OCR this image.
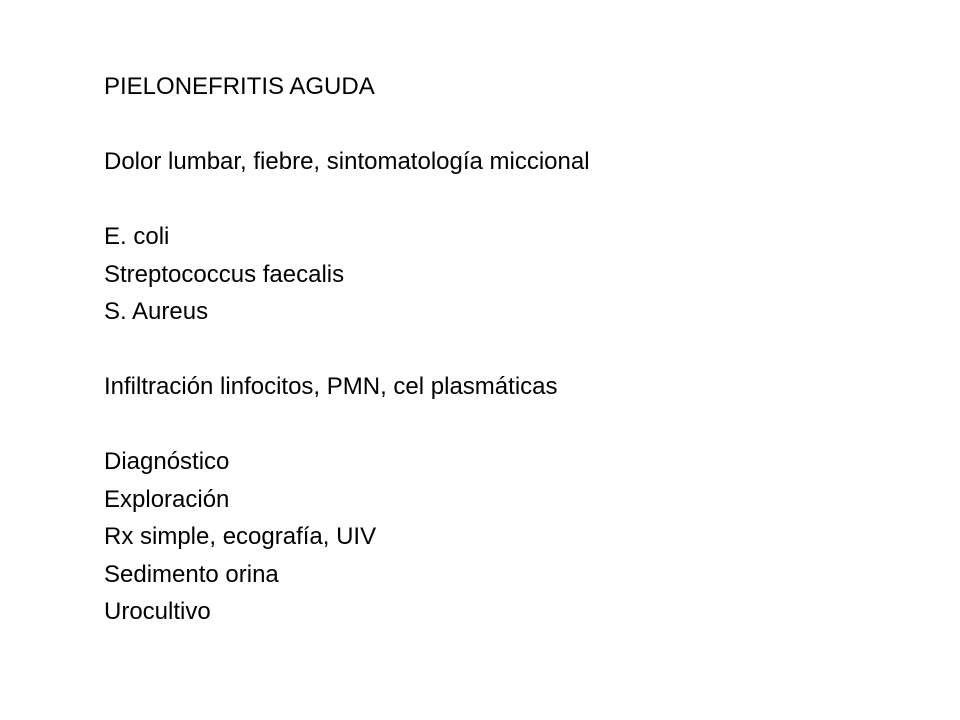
PIELONEFRITIS AGUDA
Dolor lumbar, fiebre, sintomatología miccional
E. coli
Streptococcus faecalis
S. Aureus
Infiltración linfocitos, PMN, cel plasmáticas
Diagnóstico
Exploración
Rx simple, ecografía, UIV
Sedimento orina
Urocultivo
